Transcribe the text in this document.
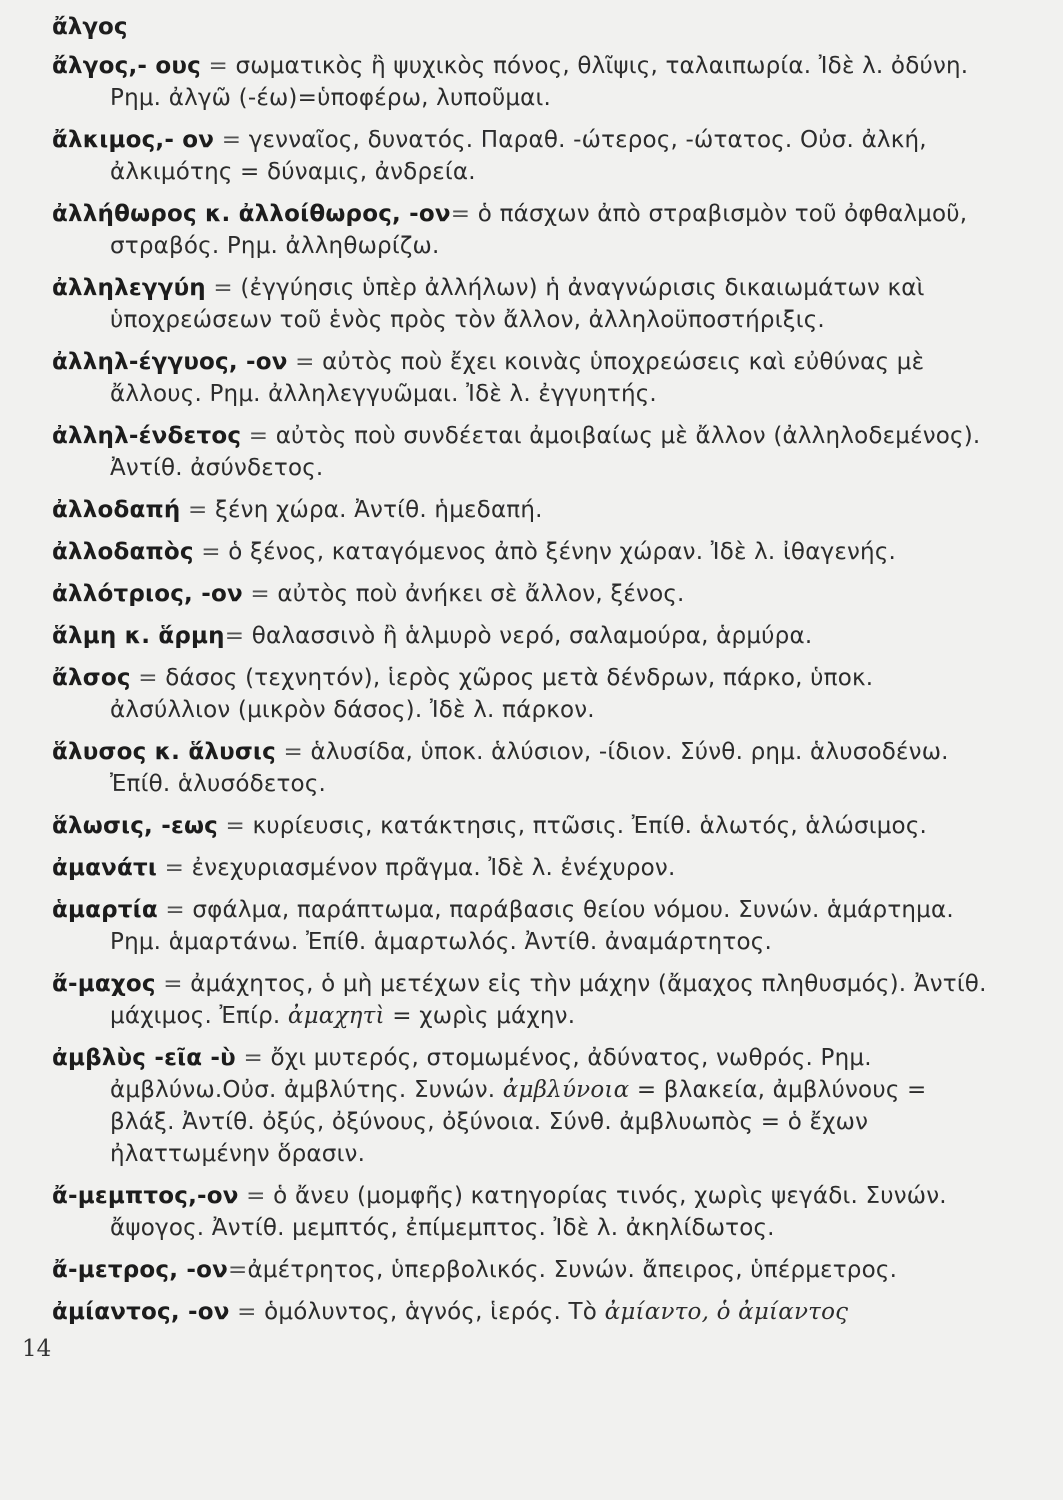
ἄλγος

ἄλγος,- ους = σωματικὸς ἢ ψυχικὸς πόνος, θλῖψις, ταλαιπωρία. Ἰδὲ λ. ὀδύνη. Ρημ. ἀλγῶ (-έω)=ὑποφέρω, λυποῦμαι.

ἄλκιμος,- ον = γενναῖος, δυνατός. Παραθ. -ώτερος, -ώτατος. Οὐσ. ἀλκή, ἀλκιμότης = δύναμις, ἀνδρεία.

ἀλλήθωρος κ. ἀλλοίθωρος, -ον= ὁ πάσχων ἀπὸ στραβισμὸν τοῦ ὀφθαλμοῦ, στραβός. Ρημ. ἀλληθωρίζω.

ἀλληλεγγύη = (ἐγγύησις ὑπὲρ ἀλλήλων) ἡ ἀναγνώρισις δικαιωμάτων καὶ ὑποχρεώσεων τοῦ ἑνὸς πρὸς τὸν ἄλλον, ἀλληλοϋποστήριξις.

ἀλληλ-έγγυος, -ον = αὐτὸς ποὺ ἔχει κοινὰς ὑποχρεώσεις καὶ εὐθύνας μὲ ἄλλους. Ρημ. ἀλληλεγγυῶμαι. Ἰδὲ λ. ἐγγυητής.

ἀλληλ-ένδετος = αὐτὸς ποὺ συνδέεται ἀμοιβαίως μὲ ἄλλον (ἀλληλοδεμένος). Ἀντίθ. ἀσύνδετος.

ἀλλοδαπή = ξένη χώρα. Ἀντίθ. ἡμεδαπή.

ἀλλοδαπὸς = ὁ ξένος, καταγόμενος ἀπὸ ξένην χώραν. Ἰδὲ λ. ἰθαγενής.

ἀλλότριος, -ον = αὐτὸς ποὺ ἀνήκει σὲ ἄλλον, ξένος.

ἅλμη κ. ἅρμη= θαλασσινὸ ἢ ἁλμυρὸ νερό, σαλαμούρα, ἁρμύρα.

ἄλσος = δάσος (τεχνητόν), ἱερὸς χῶρος μετὰ δένδρων, πάρκο, ὑποκ. ἀλσύλλιον (μικρὸν δάσος). Ἰδὲ λ. πάρκον.

ἅλυσος κ. ἅλυσις = ἁλυσίδα, ὑποκ. ἁλύσιον, -ίδιον. Σύνθ. ρημ. ἁλυσοδένω. Ἐπίθ. ἁλυσόδετος.

ἅλωσις, -εως = κυρίευσις, κατάκτησις, πτῶσις. Ἐπίθ. ἁλωτός, ἁλώσιμος.

ἀμανάτι = ἐνεχυριασμένον πρᾶγμα. Ἰδὲ λ. ἐνέχυρον.

ἁμαρτία = σφάλμα, παράπτωμα, παράβασις θείου νόμου. Συνών. ἁμάρτημα. Ρημ. ἁμαρτάνω. Ἐπίθ. ἁμαρτωλός. Ἀντίθ. ἀναμάρτητος.

ἄ-μαχος = ἀμάχητος, ὁ μὴ μετέχων εἰς τὴν μάχην (ἄμαχος πληθυσμός). Ἀντίθ. μάχιμος. Ἐπίρ. ἀμαχητὶ = χωρὶς μάχην.

ἀμβλὺς -εῖα -ὺ = ὄχι μυτερός, στομωμένος, ἀδύνατος, νωθρός. Ρημ. ἀμβλύνω.Οὐσ. ἀμβλύτης. Συνών. ἀμβλύνοια = βλακεία, ἀμβλύνους = βλάξ. Ἀντίθ. ὀξύς, ὀξύνους, ὀξύνοια. Σύνθ. ἀμβλυωπὸς = ὁ ἔχων ἠλαττωμένην ὅρασιν.

ἄ-μεμπτος,-ον = ὁ ἄνευ (μομφῆς) κατηγορίας τινός, χωρὶς ψεγάδι. Συνών. ἄψογος. Ἀντίθ. μεμπτός, ἐπίμεμπτος. Ἰδὲ λ. ἀκηλίδωτος.

ἄ-μετρος, -ον=ἀμέτρητος, ὑπερβολικός. Συνών. ἄπειρος, ὑπέρμετρος.

ἀμίαντος, -ον = ὁμόλυντος, ἁγνός, ἱερός. Τὸ ἀμίαντο, ὁ ἀμίαντος

14
